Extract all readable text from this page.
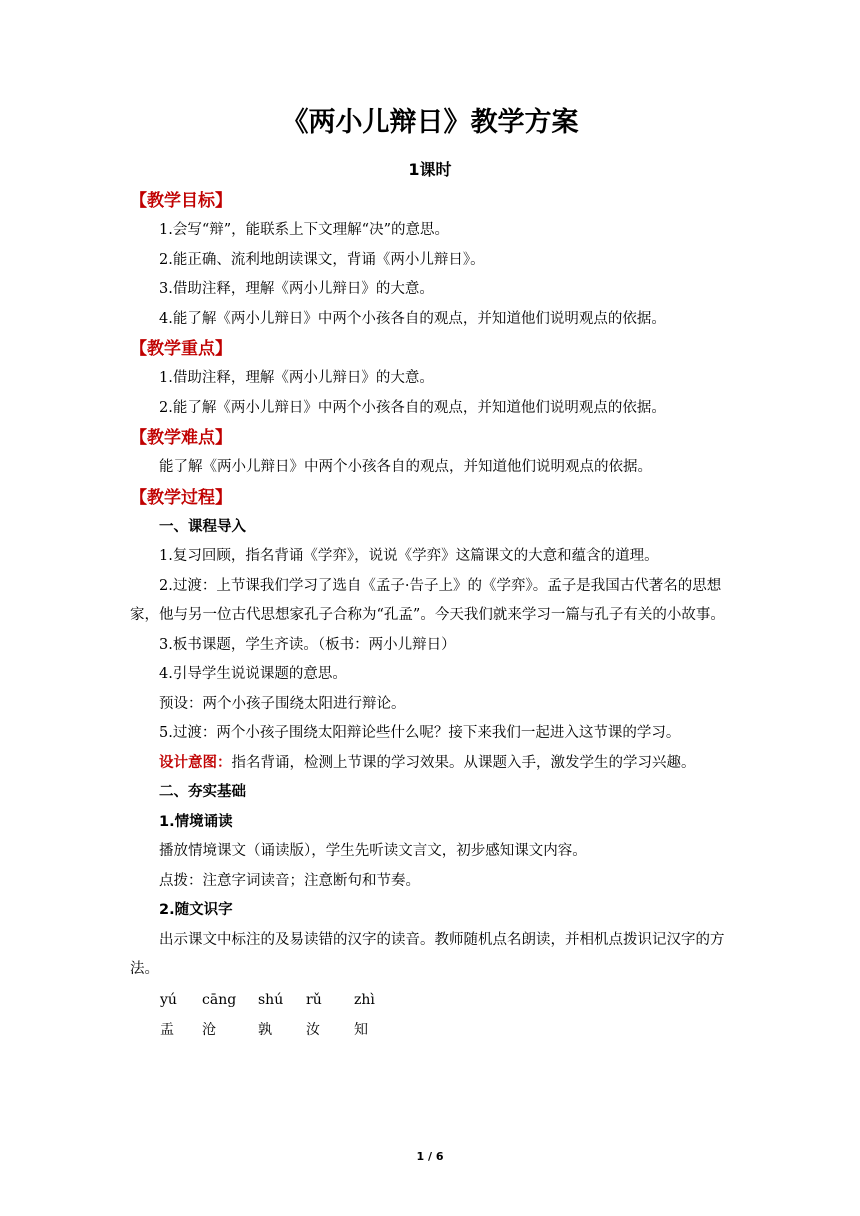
《两小儿辩日》教学方案
1课时
【教学目标】
1.会写“辩”，能联系上下文理解“决”的意思。
2.能正确、流利地朗读课文，背诵《两小儿辩日》。
3.借助注释，理解《两小儿辩日》的大意。
4.能了解《两小儿辩日》中两个小孩各自的观点，并知道他们说明观点的依据。
【教学重点】
1.借助注释，理解《两小儿辩日》的大意。
2.能了解《两小儿辩日》中两个小孩各自的观点，并知道他们说明观点的依据。
【教学难点】
能了解《两小儿辩日》中两个小孩各自的观点，并知道他们说明观点的依据。
【教学过程】
一、课程导入
1.复习回顾，指名背诵《学弈》，说说《学弈》这篇课文的大意和蕴含的道理。
2.过渡：上节课我们学习了选自《孟子·告子上》的《学弈》。孟子是我国古代著名的思想家，他与另一位古代思想家孔子合称为“孔孟”。今天我们就来学习一篇与孔子有关的小故事。
3.板书课题，学生齐读。（板书：两小儿辩日）
4.引导学生说说课题的意思。
预设：两个小孩子围绕太阳进行辩论。
5.过渡：两个小孩子围绕太阳辩论些什么呢？接下来我们一起进入这节课的学习。
设计意图：指名背诵，检测上节课的学习效果。从课题入手，激发学生的学习兴趣。
二、夯实基础
1.情境诵读
播放情境课文（诵读版），学生先听读文言文，初步感知课文内容。
点拨：注意字词读音；注意断句和节奏。
2.随文识字
出示课文中标注的及易读错的汉字的读音。教师随机点名朗读，并相机点拨识记汉字的方法。
yú cāng shú rǔ zhì
盂 沧	孰 汝 知
1 / 6
